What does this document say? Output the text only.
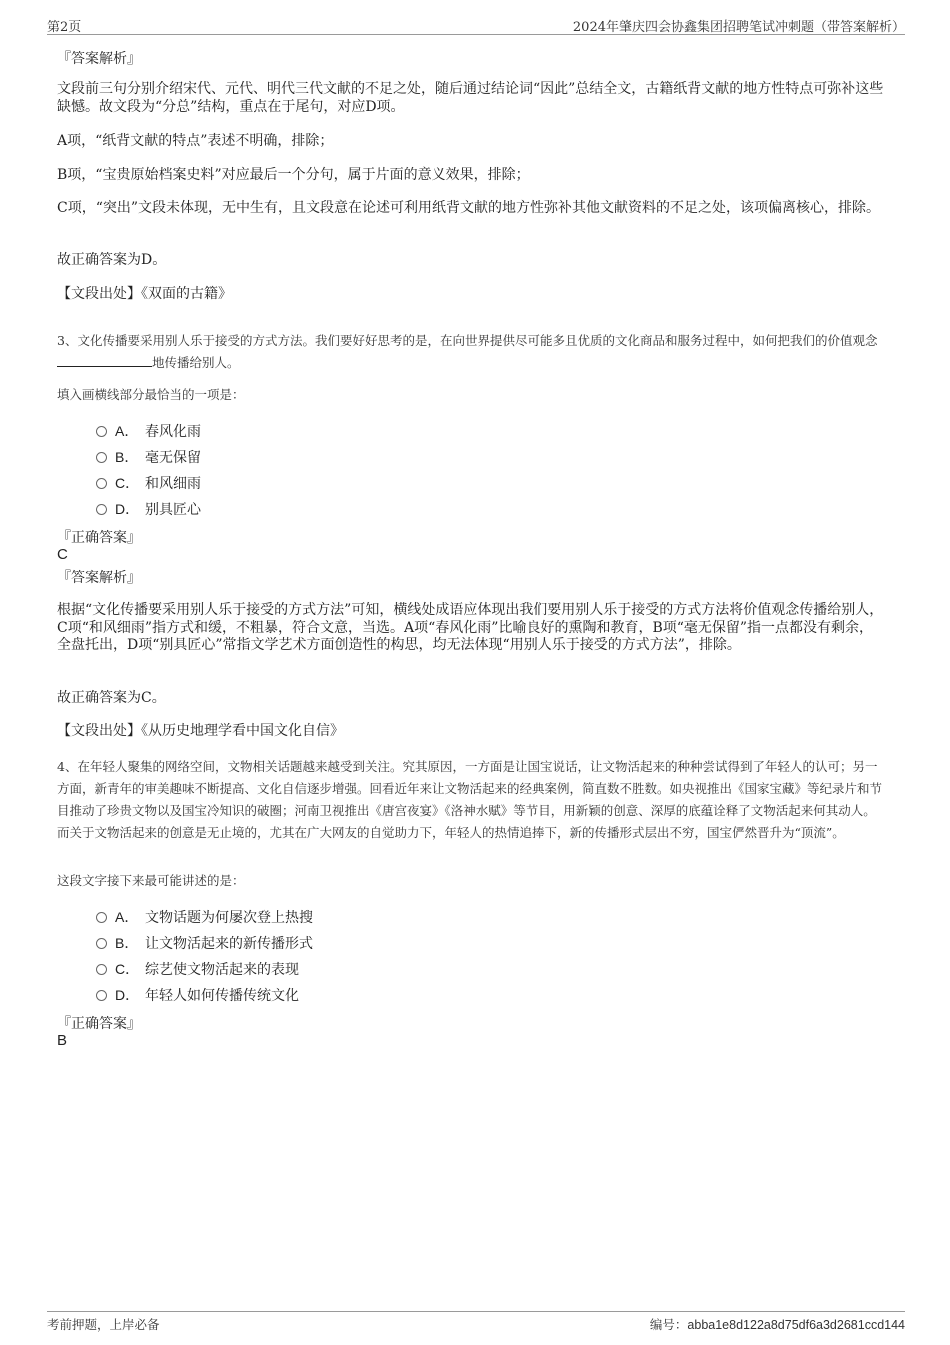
第2页	2024年肇庆四会协鑫集团招聘笔试冲刺题（带答案解析）
『答案解析』

文段前三句分别介绍宋代、元代、明代三代文献的不足之处，随后通过结论词“因此”总结全文，古籍纸背文献的地方性特点可弥补这些缺憾。故文段为“分总”结构，重点在于尾句，对应D项。

A项，“纸背文献的特点”表述不明确，排除；

B项，“宝贵原始档案史料”对应最后一个分句，属于片面的意义效果，排除；

C项，“突出”文段未体现，无中生有，且文段意在论述可利用纸背文献的地方性弥补其他文献资料的不足之处，该项偏离核心，排除。

故正确答案为D。

【文段出处】《双面的古籍》

3、文化传播要采用别人乐于接受的方式方法。我们要好好思考的是，在向世界提供尽可能多且优质的文化商品和服务过程中，如何把我们的价值观念地传播给别人。

填入画横线部分最恰当的一项是：

A． 春风化雨
B． 毫无保留
C． 和风细雨
D． 别具匠心
『正确答案』
C
『答案解析』

根据“文化传播要采用别人乐于接受的方式方法”可知，横线处成语应体现出我们要用别人乐于接受的方式方法将价值观念传播给别人，C项“和风细雨”指方式和缓，不粗暴，符合文意，当选。A项“春风化雨”比喻良好的熏陶和教育，B项“毫无保留”指一点都没有剩余，全盘托出，D项“别具匠心”常指文学艺术方面创造性的构思，均无法体现“用别人乐于接受的方式方法”，排除。

故正确答案为C。

【文段出处】《从历史地理学看中国文化自信》

4、在年轻人聚集的网络空间，文物相关话题越来越受到关注。究其原因，一方面是让国宝说话，让文物活起来的种种尝试得到了年轻人的认可；另一方面，新青年的审美趣味不断提高、文化自信逐步增强。回看近年来让文物活起来的经典案例，简直数不胜数。如央视推出《国家宝藏》等纪录片和节目推动了珍贵文物以及国宝冷知识的破圈；河南卫视推出《唐宫夜宴》《洛神水赋》等节目，用新颖的创意、深厚的底蕴诠释了文物活起来何其动人。而关于文物活起来的创意是无止境的，尤其在广大网友的自觉助力下，年轻人的热情追捧下，新的传播形式层出不穷，国宝俨然晋升为“顶流”。

这段文字接下来最可能讲述的是：

A． 文物话题为何屡次登上热搜
B． 让文物活起来的新传播形式
C． 综艺使文物活起来的表现
D． 年轻人如何传播传统文化
『正确答案』
B
考前押题，上岸必备	编号：abba1e8d122a8d75df6a3d2681ccd144
